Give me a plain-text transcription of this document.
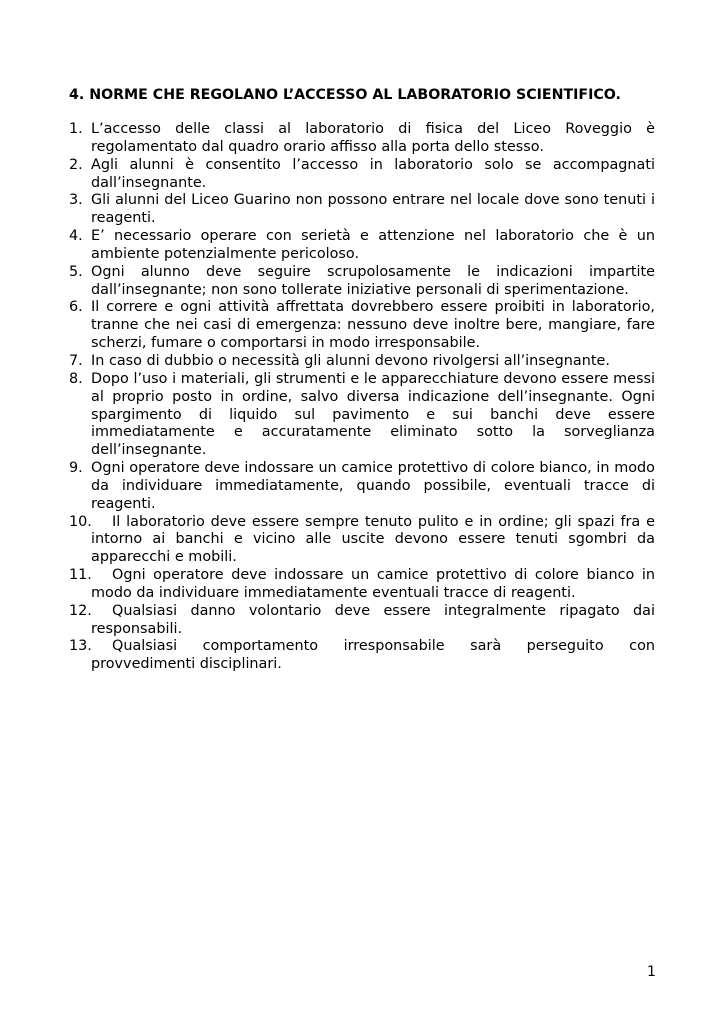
4. NORME CHE REGOLANO L’ACCESSO AL LABORATORIO SCIENTIFICO.
1. L’accesso delle classi al laboratorio di fisica del Liceo Roveggio è regolamentato dal quadro orario affisso alla porta dello stesso.
2. Agli alunni è consentito l’accesso in laboratorio solo se accompagnati dall’insegnante.
3. Gli alunni del Liceo Guarino non possono entrare nel locale dove sono tenuti i reagenti.
4. E’ necessario operare con serietà e attenzione nel laboratorio che è un ambiente potenzialmente pericoloso.
5. Ogni alunno deve seguire scrupolosamente le indicazioni impartite dall’insegnante; non sono tollerate iniziative personali di sperimentazione.
6. Il correre e ogni attività affrettata dovrebbero essere proibiti in laboratorio, tranne che nei casi di emergenza: nessuno deve inoltre bere, mangiare, fare scherzi, fumare o comportarsi in modo irresponsabile.
7. In caso di dubbio o necessità gli alunni devono rivolgersi all’insegnante.
8. Dopo l’uso i materiali, gli strumenti e le apparecchiature devono essere messi al proprio posto in ordine, salvo diversa indicazione dell’insegnante. Ogni spargimento di liquido sul pavimento e sui banchi deve essere immediatamente e accuratamente eliminato sotto la sorveglianza dell’insegnante.
9. Ogni operatore deve indossare un camice protettivo di colore bianco, in modo da individuare immediatamente, quando possibile, eventuali tracce di reagenti.
10.	Il laboratorio deve essere sempre tenuto pulito e in ordine; gli spazi fra e intorno ai banchi e vicino alle uscite devono essere tenuti sgombri da apparecchi e mobili.
11.	Ogni operatore deve indossare un camice protettivo di colore bianco in modo da individuare immediatamente eventuali tracce di reagenti.
12.	Qualsiasi danno volontario deve essere integralmente ripagato dai responsabili.
13.	Qualsiasi comportamento irresponsabile sarà perseguito con provvedimenti disciplinari.
1
